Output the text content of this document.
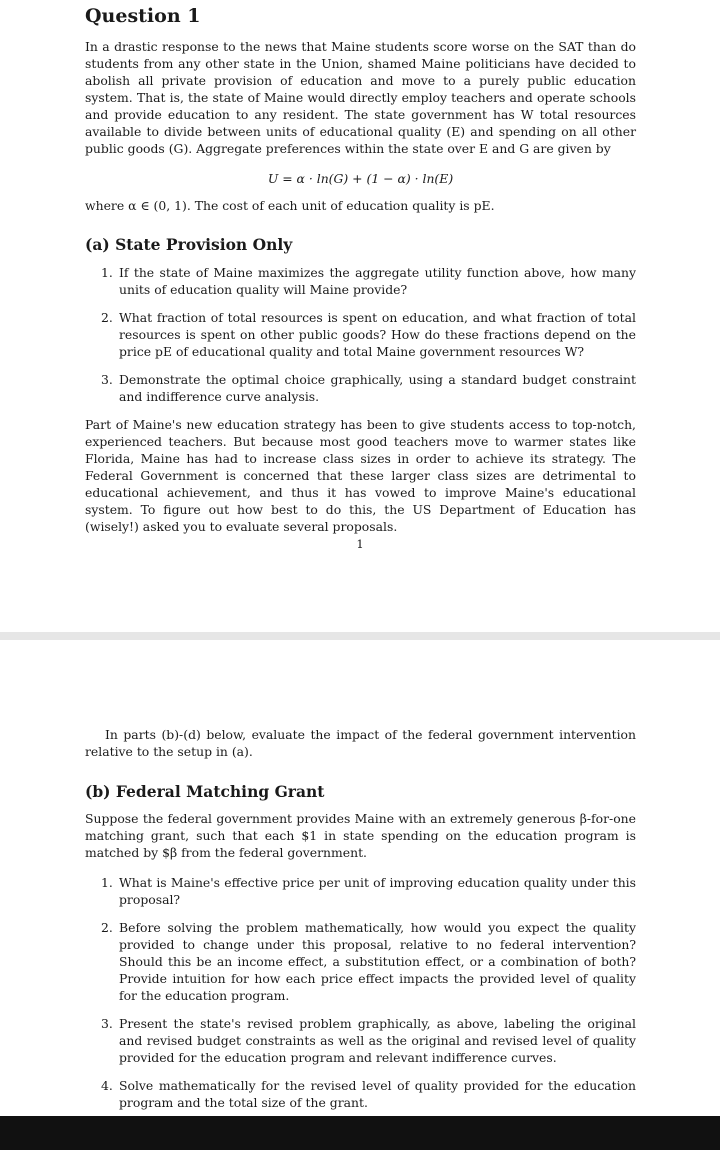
Question 1

In a drastic response to the news that Maine students score worse on the SAT than do students from any other state in the Union, shamed Maine politicians have decided to abolish all private provision of education and move to a purely public education system. That is, the state of Maine would directly employ teachers and operate schools and provide education to any resident. The state government has W total resources available to divide between units of educational quality (E) and spending on all other public goods (G). Aggregate preferences within the state over E and G are given by

U = α · ln(G) + (1 − α) · ln(E)

where α ∈ (0, 1). The cost of each unit of education quality is pE.

(a) State Provision Only
1. If the state of Maine maximizes the aggregate utility function above, how many units of education quality will Maine provide?
2. What fraction of total resources is spent on education, and what fraction of total resources is spent on other public goods? How do these fractions depend on the price pE of educational quality and total Maine government resources W?
3. Demonstrate the optimal choice graphically, using a standard budget constraint and indifference curve analysis.

Part of Maine's new education strategy has been to give students access to top-notch, experienced teachers. But because most good teachers move to warmer states like Florida, Maine has had to increase class sizes in order to achieve its strategy. The Federal Government is concerned that these larger class sizes are detrimental to educational achievement, and thus it has vowed to improve Maine's educational system. To figure out how best to do this, the US Department of Education has (wisely!) asked you to evaluate several proposals.

1

In parts (b)-(d) below, evaluate the impact of the federal government intervention relative to the setup in (a).

(b) Federal Matching Grant

Suppose the federal government provides Maine with an extremely generous β-for-one matching grant, such that each $1 in state spending on the education program is matched by $β from the federal government.

1. What is Maine's effective price per unit of improving education quality under this proposal?
2. Before solving the problem mathematically, how would you expect the quality provided to change under this proposal, relative to no federal intervention? Should this be an income effect, a substitution effect, or a combination of both? Provide intuition for how each price effect impacts the provided level of quality for the education program.
3. Present the state's revised problem graphically, as above, labeling the original and revised budget constraints as well as the original and revised level of quality provided for the education program and relevant indifference curves.
4. Solve mathematically for the revised level of quality provided for the education program and the total size of the grant.
